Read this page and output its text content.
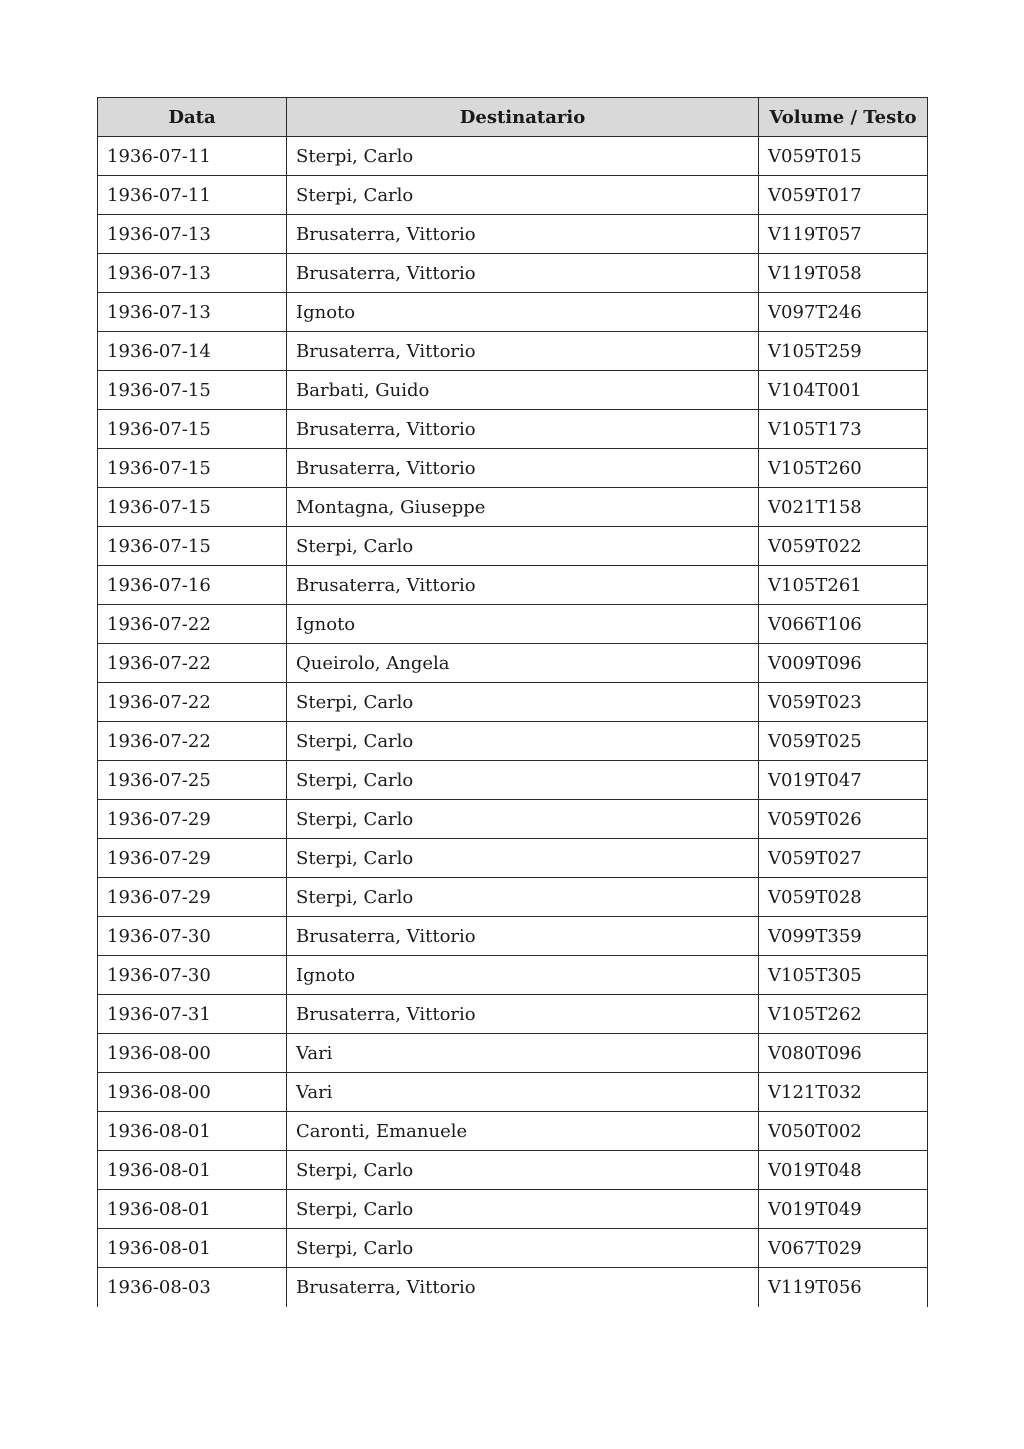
Data	Destinatario	Volume / Testo
1936-07-11	Sterpi, Carlo	V059T015
1936-07-11	Sterpi, Carlo	V059T017
1936-07-13	Brusaterra, Vittorio	V119T057
1936-07-13	Brusaterra, Vittorio	V119T058
1936-07-13	Ignoto	V097T246
1936-07-14	Brusaterra, Vittorio	V105T259
1936-07-15	Barbati, Guido	V104T001
1936-07-15	Brusaterra, Vittorio	V105T173
1936-07-15	Brusaterra, Vittorio	V105T260
1936-07-15	Montagna, Giuseppe	V021T158
1936-07-15	Sterpi, Carlo	V059T022
1936-07-16	Brusaterra, Vittorio	V105T261
1936-07-22	Ignoto	V066T106
1936-07-22	Queirolo, Angela	V009T096
1936-07-22	Sterpi, Carlo	V059T023
1936-07-22	Sterpi, Carlo	V059T025
1936-07-25	Sterpi, Carlo	V019T047
1936-07-29	Sterpi, Carlo	V059T026
1936-07-29	Sterpi, Carlo	V059T027
1936-07-29	Sterpi, Carlo	V059T028
1936-07-30	Brusaterra, Vittorio	V099T359
1936-07-30	Ignoto	V105T305
1936-07-31	Brusaterra, Vittorio	V105T262
1936-08-00	Vari	V080T096
1936-08-00	Vari	V121T032
1936-08-01	Caronti, Emanuele	V050T002
1936-08-01	Sterpi, Carlo	V019T048
1936-08-01	Sterpi, Carlo	V019T049
1936-08-01	Sterpi, Carlo	V067T029
1936-08-03	Brusaterra, Vittorio	V119T056
